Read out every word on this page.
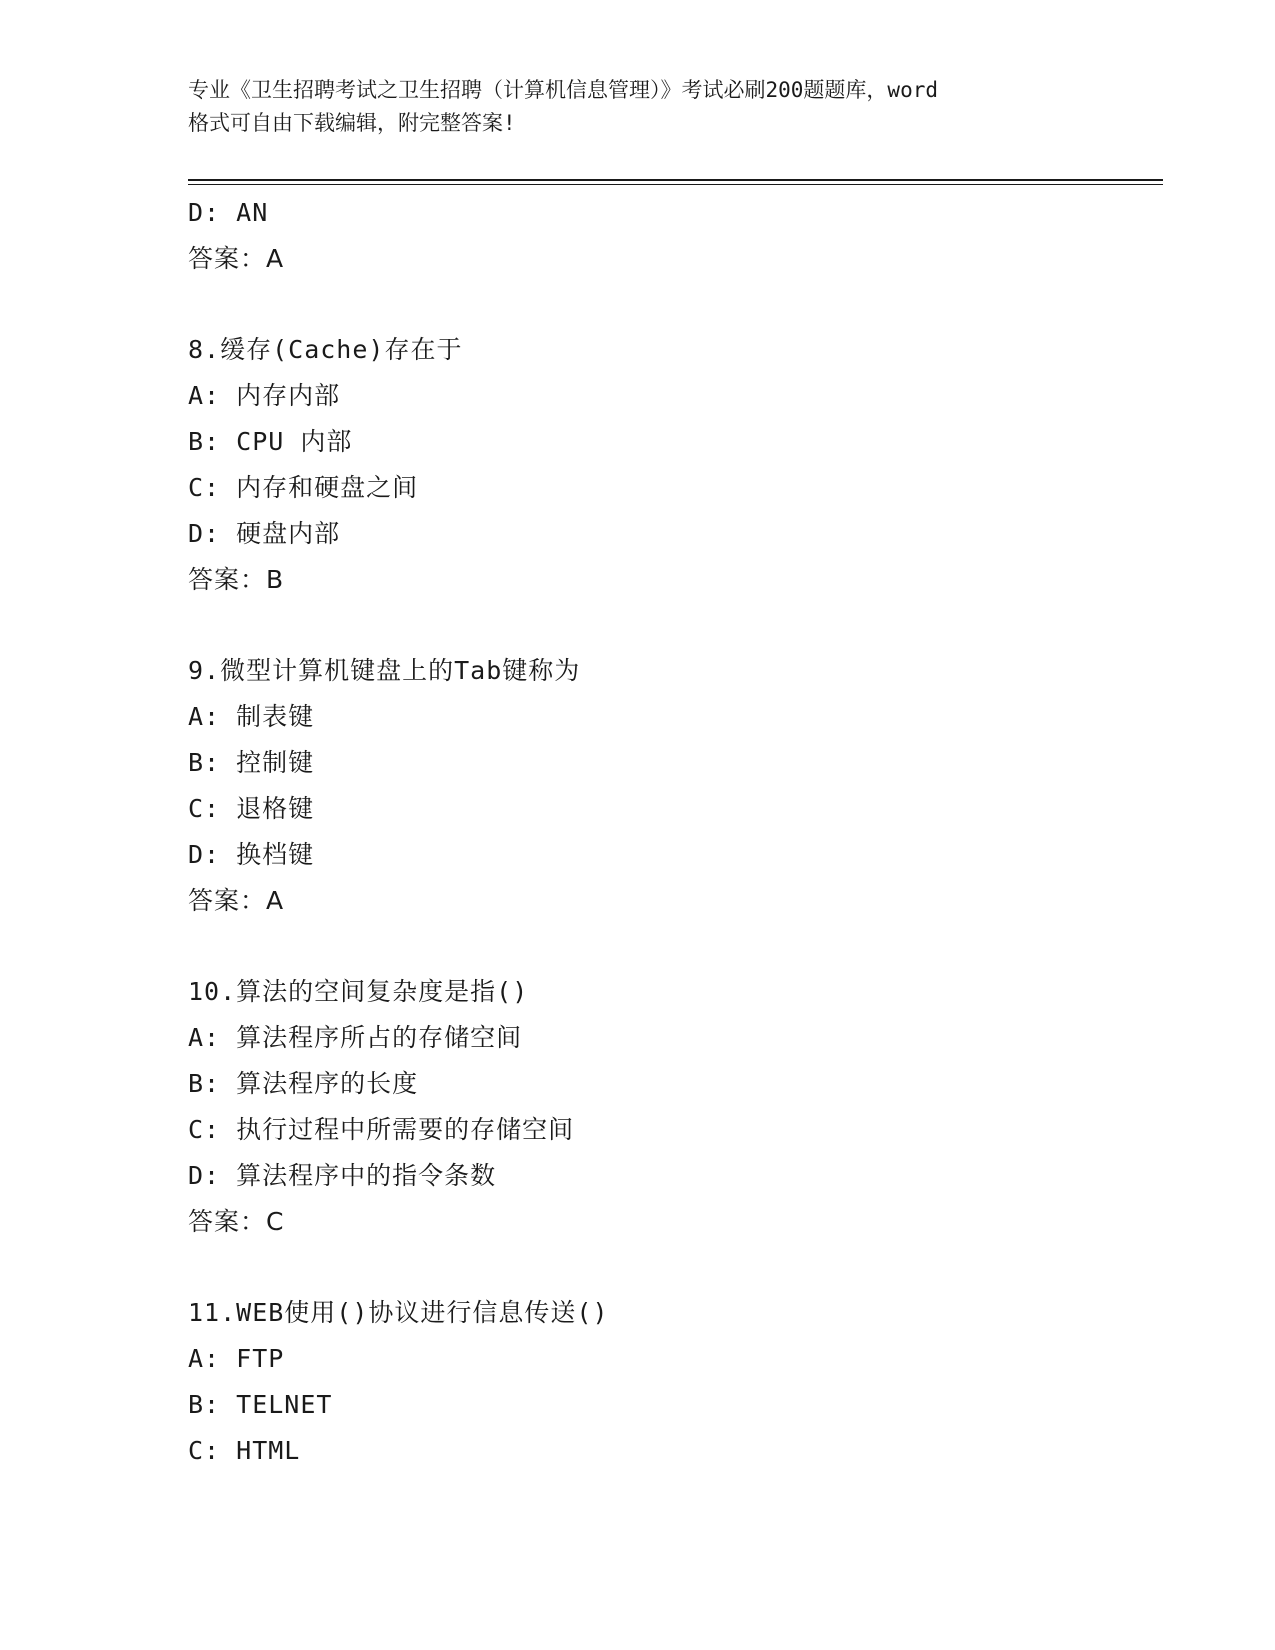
专业《卫生招聘考试之卫生招聘（计算机信息管理）》考试必刷200题题库，word
格式可自由下载编辑，附完整答案!
D: AN
答案：A
8.缓存(Cache)存在于
A: 内存内部
B: CPU 内部
C: 内存和硬盘之间
D: 硬盘内部
答案：B
9.微型计算机键盘上的Tab键称为
A: 制表键
B: 控制键
C: 退格键
D: 换档键
答案：A
10.算法的空间复杂度是指()
A: 算法程序所占的存储空间
B: 算法程序的长度
C: 执行过程中所需要的存储空间
D: 算法程序中的指令条数
答案：C
11.WEB使用()协议进行信息传送()
A: FTP
B: TELNET
C: HTML
